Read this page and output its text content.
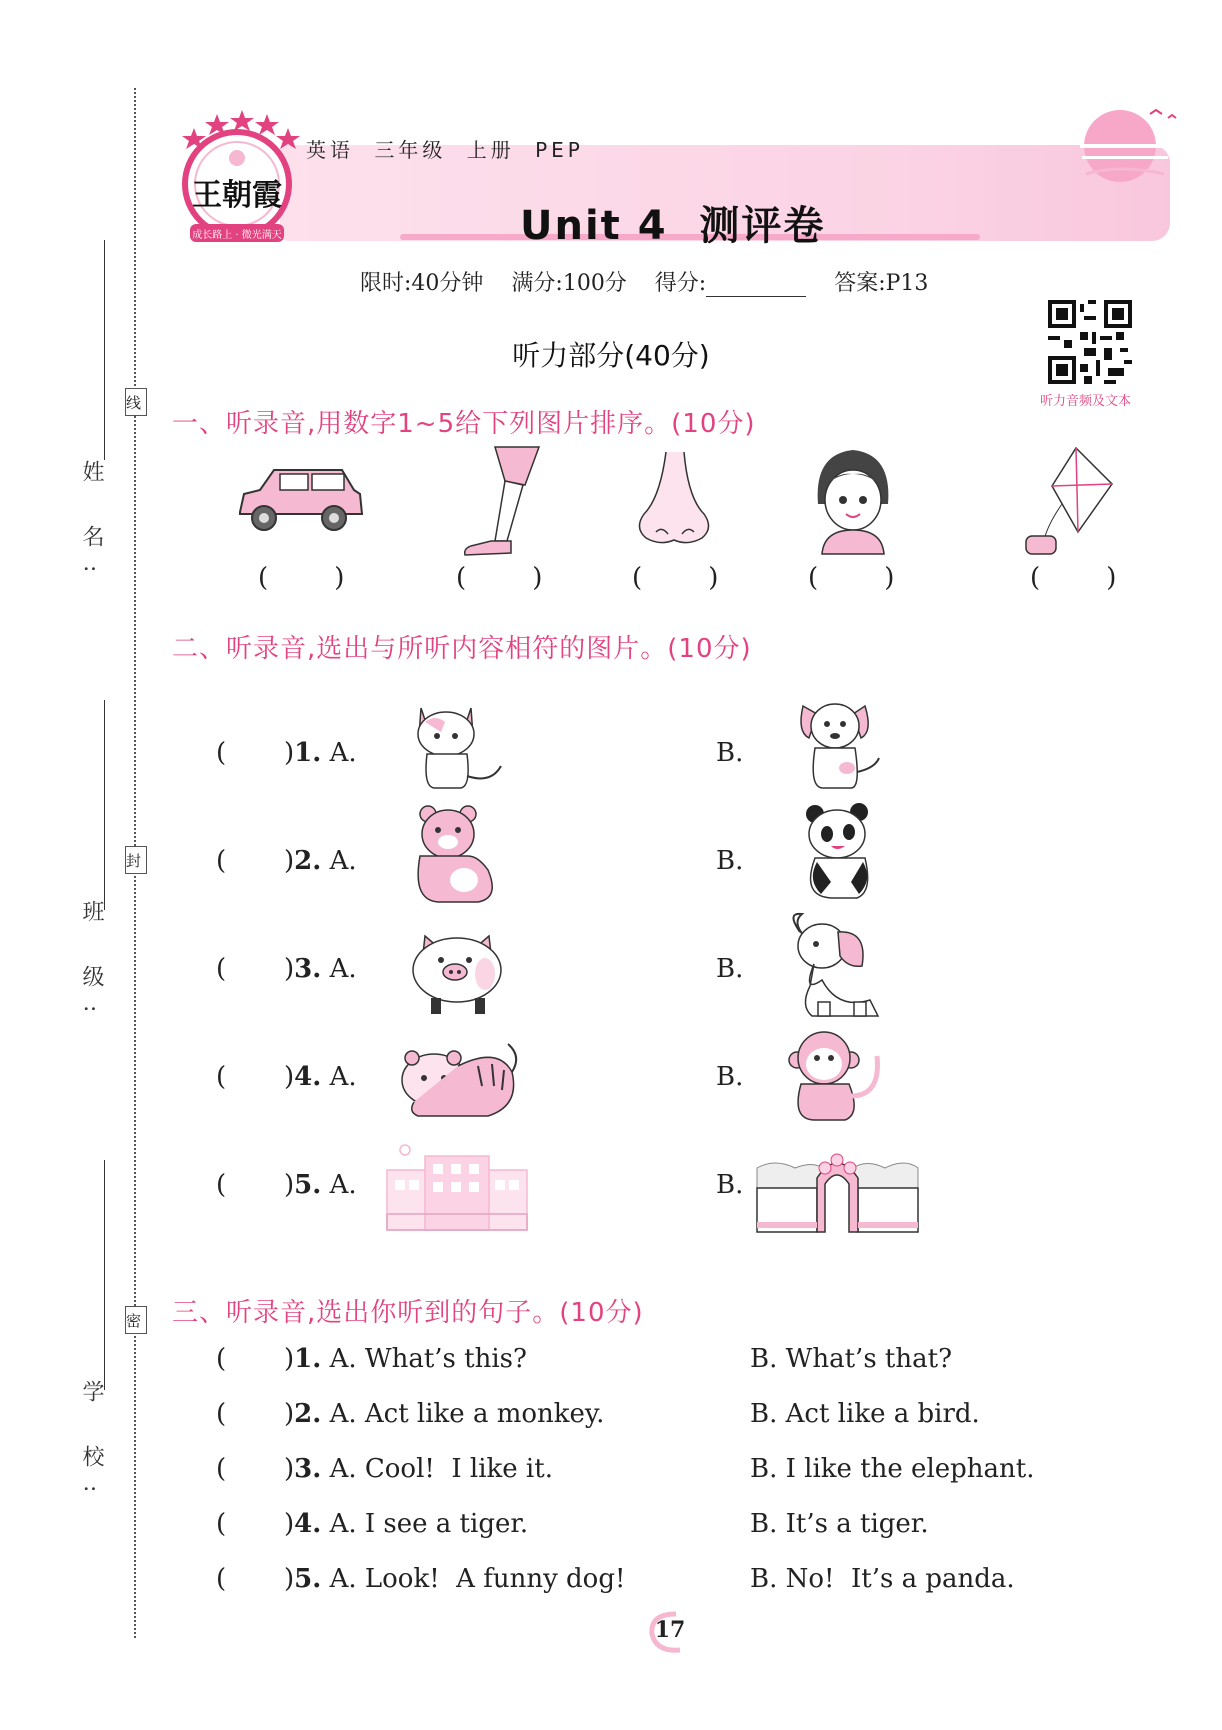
姓 名:
班 级:
学 校:
线
封
密
王朝霞
成长路上 · 微光满天
英语 三年级 上册 PEP
Unit 4  测评卷
限时:40分钟 满分:100分 得分:	答案:P13
听力音频及文本
听力部分(40分)
一、听录音,用数字1~5给下列图片排序。(10分)
(        )	(        )	(        )	(        )	(        )
二、听录音,选出与所听内容相符的图片。(10分)
(       )1. A.	B.
(       )2. A.	B.
(       )3. A.	B.
(       )4. A.	B.
(       )5. A.	B.
三、听录音,选出你听到的句子。(10分)
(       )1. A. What’s this?	B. What’s that?
(       )2. A. Act like a monkey.	B. Act like a bird.
(       )3. A. Cool!  I like it.	B. I like the elephant.
(       )4. A. I see a tiger.	B. It’s a tiger.
(       )5. A. Look!  A funny dog!	B. No!  It’s a panda.
17
